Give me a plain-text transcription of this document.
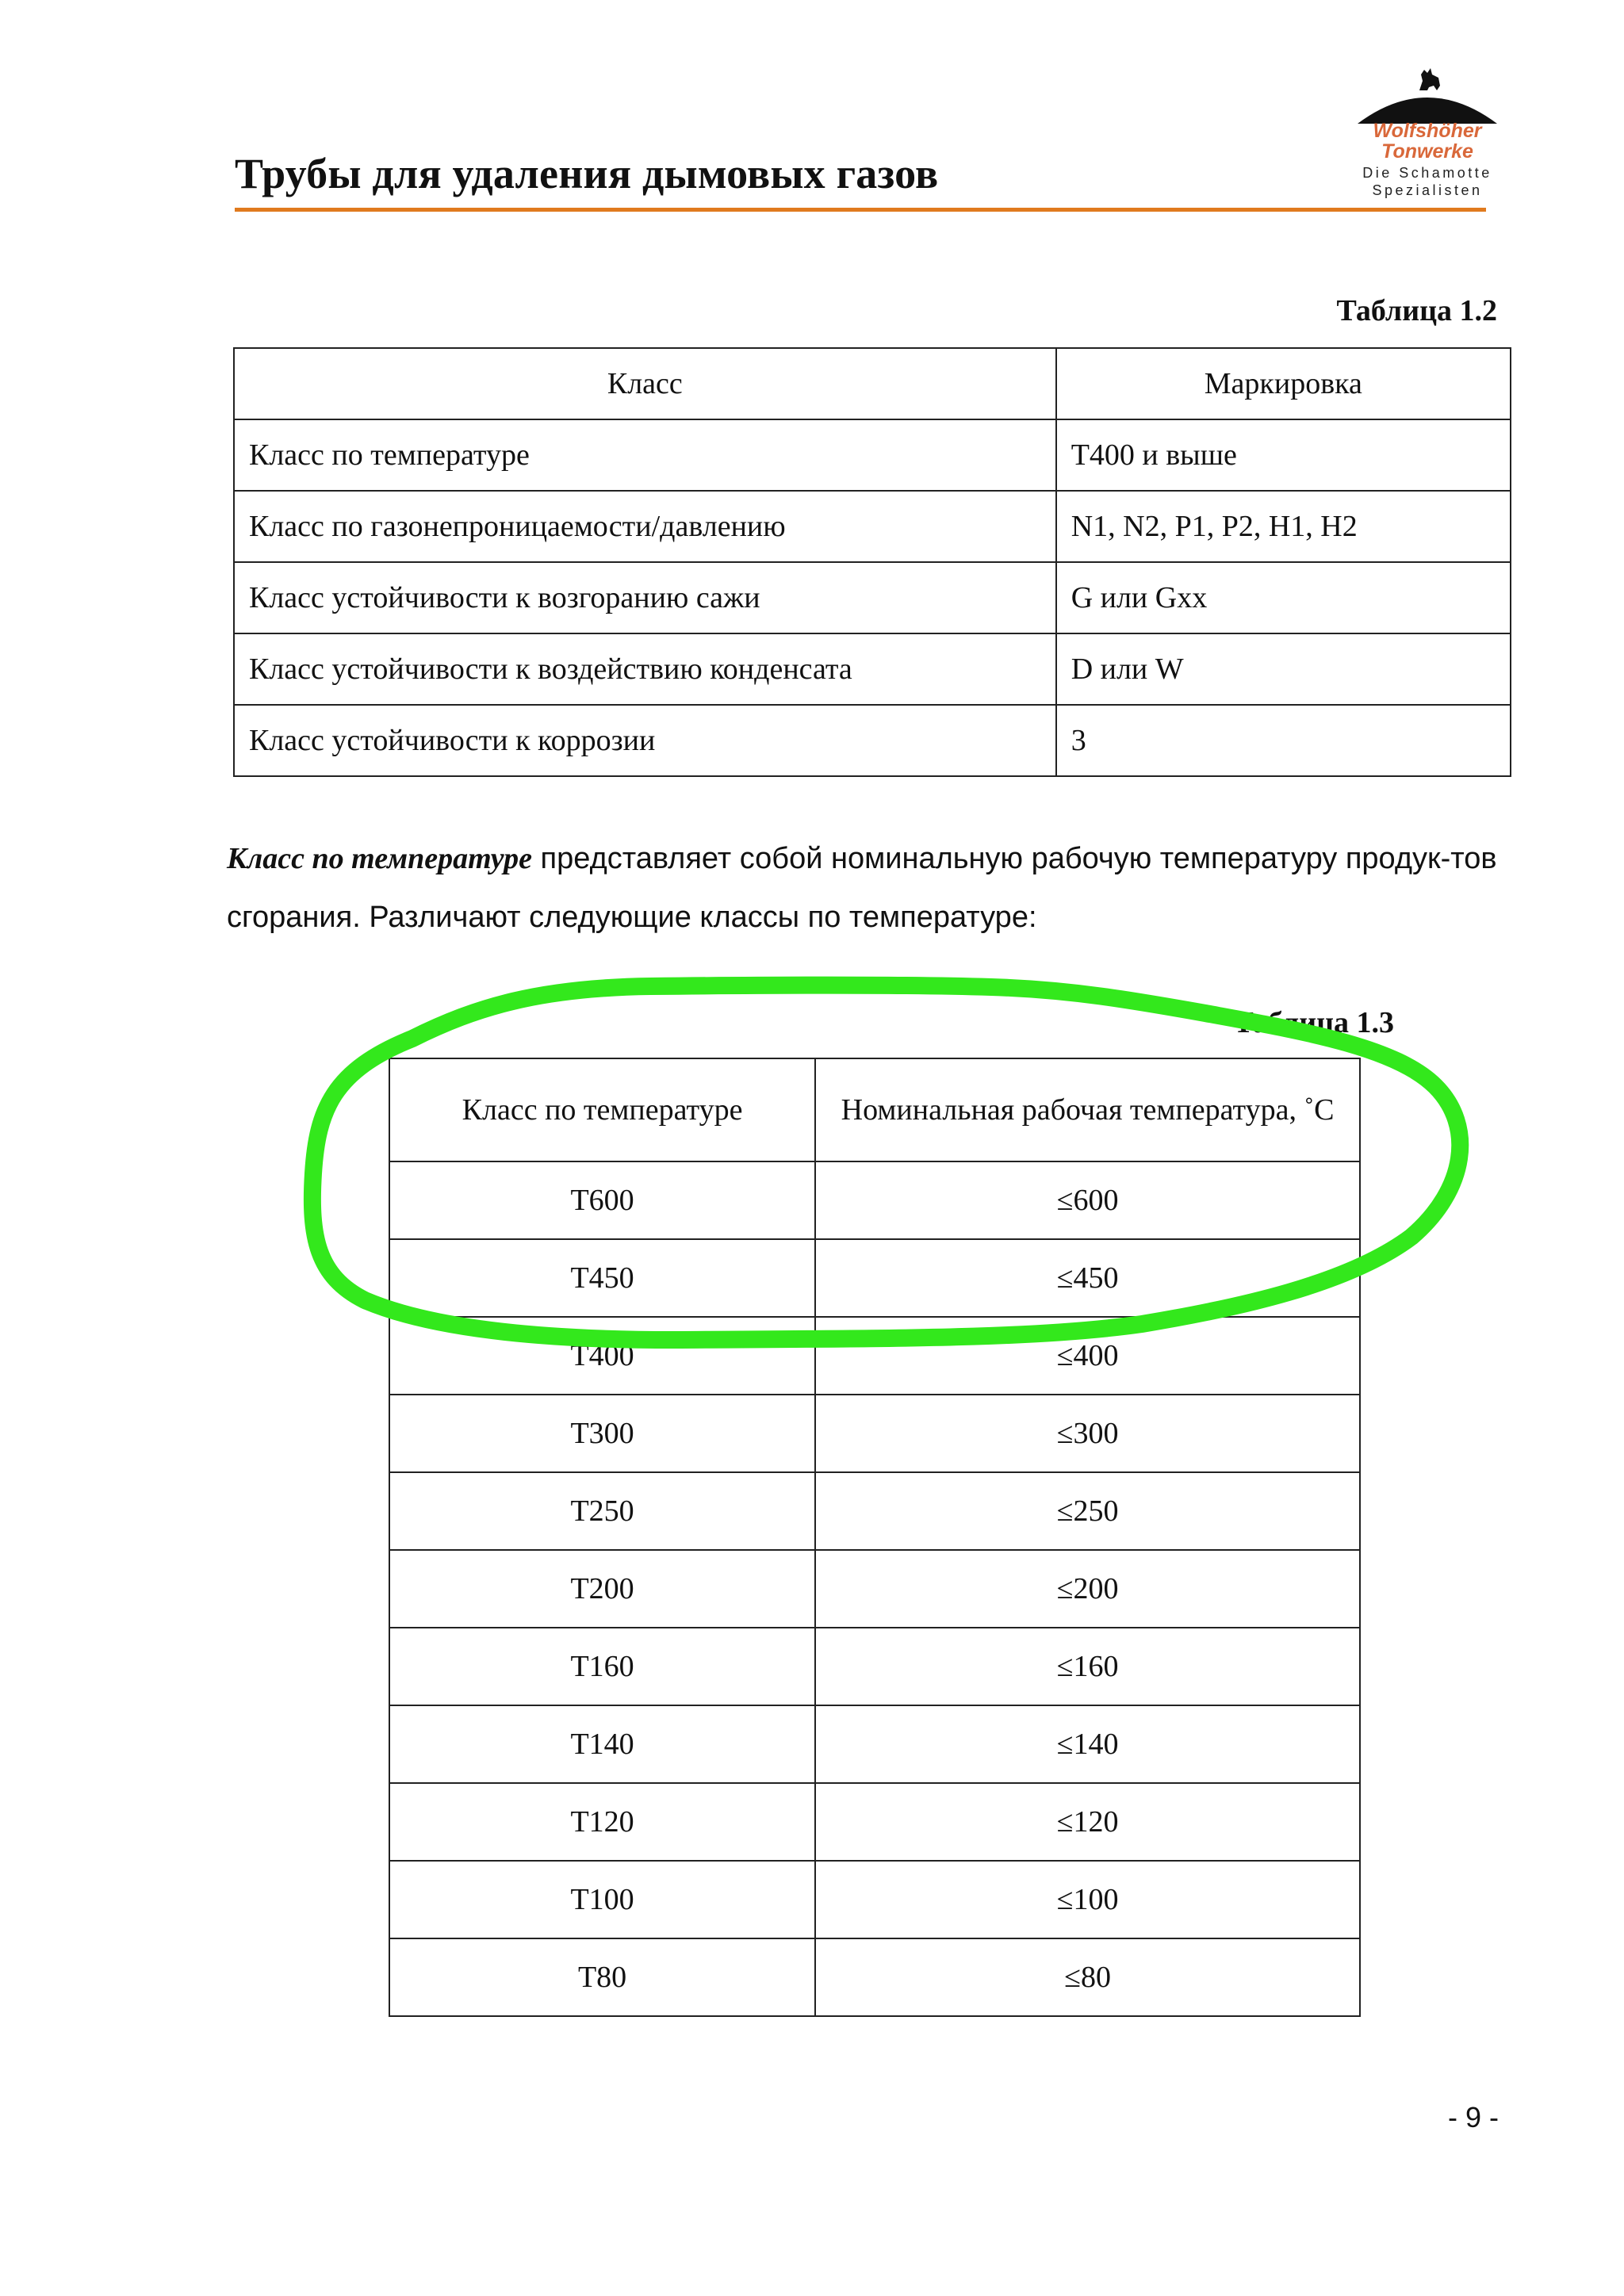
Трубы для удаления дымовых газов
Wolfshöher
Tonwerke
Die Schamotte
Spezialisten
Таблица 1.2
Класс	Маркировка
Класс по температуре	Т400 и выше
Класс по газонепроницаемости/давлению	N1, N2, P1, P2, H1, H2
Класс устойчивости к возгоранию сажи	G или Gxx
Класс устойчивости к воздействию конденсата	D или W
Класс устойчивости к коррозии	3
Класс по температуре представляет собой номинальную рабочую температуру продук-тов сгорания. Различают следующие классы по температуре:
Таблица 1.3
Класс по температуре	Номинальная рабочая температура, ˚С
Т600	≤600
Т450	≤450
Т400	≤400
Т300	≤300
Т250	≤250
Т200	≤200
Т160	≤160
Т140	≤140
Т120	≤120
Т100	≤100
Т80	≤80
- 9 -
